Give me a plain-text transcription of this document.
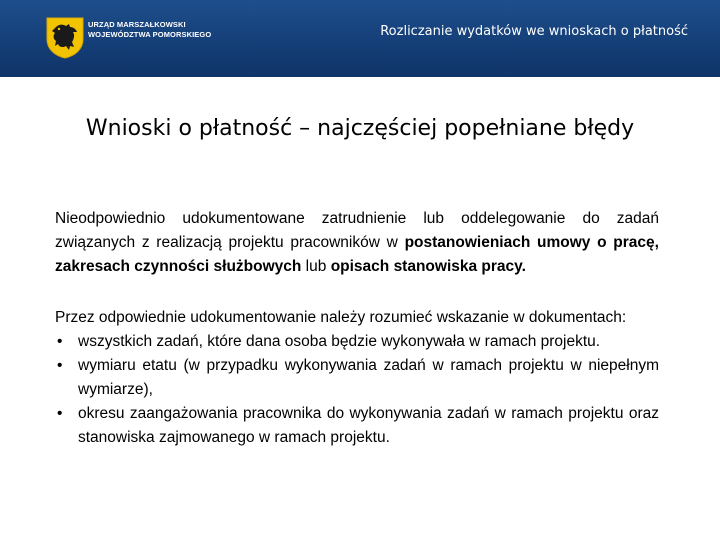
URZĄD MARSZAŁKOWSKI
WOJEWÓDZTWA POMORSKIEGO	Rozliczanie wydatków we wnioskach o płatność
Wnioski o płatność – najczęściej popełniane błędy

Nieodpowiednio udokumentowane zatrudnienie lub oddelegowanie do zadań związanych z realizacją projektu pracowników w postanowieniach umowy o pracę, zakresach czynności służbowych lub opisach stanowiska pracy.

Przez odpowiednie udokumentowanie należy rozumieć wskazanie w dokumentach:
• wszystkich zadań, które dana osoba będzie wykonywała w ramach projektu.
• wymiaru etatu (w przypadku wykonywania zadań w ramach projektu w niepełnym wymiarze),
• okresu zaangażowania pracownika do wykonywania zadań w ramach projektu oraz stanowiska zajmowanego w ramach projektu.
